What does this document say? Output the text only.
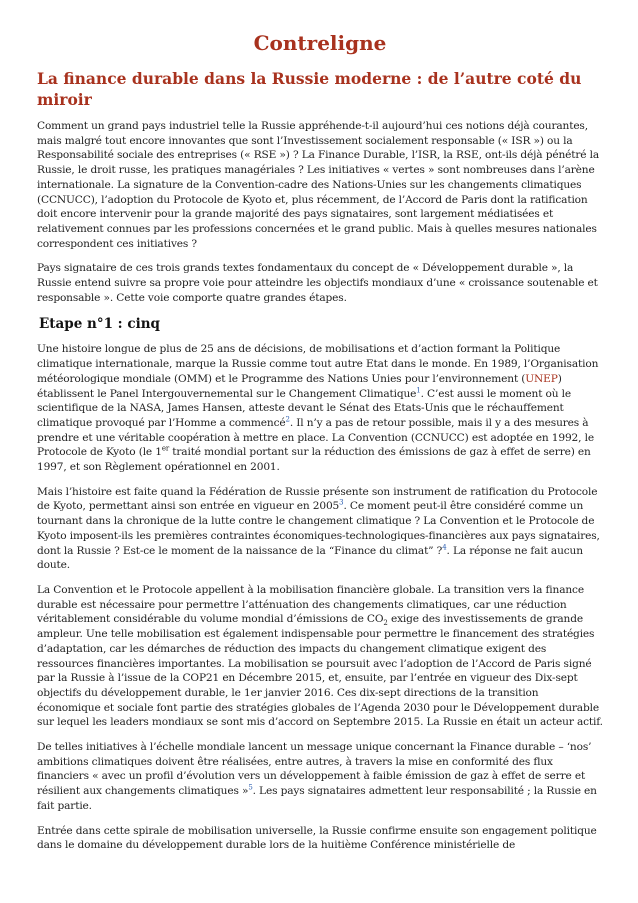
Contreligne
La finance durable dans la Russie moderne : de l’autre coté du miroir

Comment un grand pays industriel telle la Russie appréhende-t-il aujourd’hui ces notions déjà courantes, mais malgré tout encore innovantes que sont l’Investissement socialement responsable (« ISR ») ou la Responsabilité sociale des entreprises (« RSE ») ? La Finance Durable, l’ISR, la RSE, ont-ils déjà pénétré la Russie, le droit russe, les pratiques managériales ? Les initiatives « vertes » sont nombreuses dans l’arène internationale. La signature de la Convention-cadre des Nations-Unies sur les changements climatiques (CCNUCC), l’adoption du Protocole de Kyoto et, plus récemment, de l’Accord de Paris dont la ratification doit encore intervenir pour la grande majorité des pays signataires, sont largement médiatisées et relativement connues par les professions concernées et le grand public. Mais à quelles mesures nationales correspondent ces initiatives ?

Pays signataire de ces trois grands textes fondamentaux du concept de « Développement durable », la Russie entend suivre sa propre voie pour atteindre les objectifs mondiaux d’une « croissance soutenable et responsable ». Cette voie comporte quatre grandes étapes.

Etape n°1 : cinq

Une histoire longue de plus de 25 ans de décisions, de mobilisations et d’action formant la Politique climatique internationale, marque la Russie comme tout autre Etat dans le monde. En 1989, l’Organisation météorologique mondiale (OMM) et le Programme des Nations Unies pour l’environnement (UNEP) établissent le Panel Intergouvernemental sur le Changement Climatique$^1$. C’est aussi le moment où le scientifique de la NASA, James Hansen, atteste devant le Sénat des Etats-Unis que le réchauffement climatique provoqué par l’Homme a commencé$^2$. Il n’y a pas de retour possible, mais il y a des mesures à prendre et une véritable coopération à mettre en place. La Convention (CCNUCC) est adoptée en 1992, le Protocole de Kyoto (le 1er traité mondial portant sur la réduction des émissions de gaz à effet de serre) en 1997, et son Règlement opérationnel en 2001.

Mais l’histoire est faite quand la Fédération de Russie présente son instrument de ratification du Protocole de Kyoto, permettant ainsi son entrée en vigueur en 2005$^3$. Ce moment peut-il être considéré comme un tournant dans la chronique de la lutte contre le changement climatique ? La Convention et le Protocole de Kyoto imposent-ils les premières contraintes économiques-technologiques-financières aux pays signataires, dont la Russie ? Est-ce le moment de la naissance de la “Finance du climat” ?$^4$. La réponse ne fait aucun doute.

La Convention et le Protocole appellent à la mobilisation financière globale. La transition vers la finance durable est nécessaire pour permettre l’atténuation des changements climatiques, car une réduction véritablement considérable du volume mondial d’émissions de $CO_2$ exige des investissements de grande ampleur. Une telle mobilisation est également indispensable pour permettre le financement des stratégies d’adaptation, car les démarches de réduction des impacts du changement climatique exigent des ressources financières importantes. La mobilisation se poursuit avec l’adoption de l’Accord de Paris signé par la Russie à l’issue de la COP21 en Décembre 2015, et, ensuite, par l’entrée en vigueur des Dix-sept objectifs du développement durable, le 1er janvier 2016. Ces dix-sept directions de la transition économique et sociale font partie des stratégies globales de l’Agenda 2030 pour le Développement durable sur lequel les leaders mondiaux se sont mis d’accord on Septembre 2015. La Russie en était un acteur actif.

De telles initiatives à l’échelle mondiale lancent un message unique concernant la Finance durable – ‘nos’ ambitions climatiques doivent être réalisées, entre autres, à travers la mise en conformité des flux financiers « avec un profil d’évolution vers un développement à faible émission de gaz à effet de serre et résilient aux changements climatiques »$^5$. Les pays signataires admettent leur responsabilité ; la Russie en fait partie.

Entrée dans cette spirale de mobilisation universelle, la Russie confirme ensuite son engagement politique dans le domaine du développement durable lors de la huitième Conférence ministérielle de
